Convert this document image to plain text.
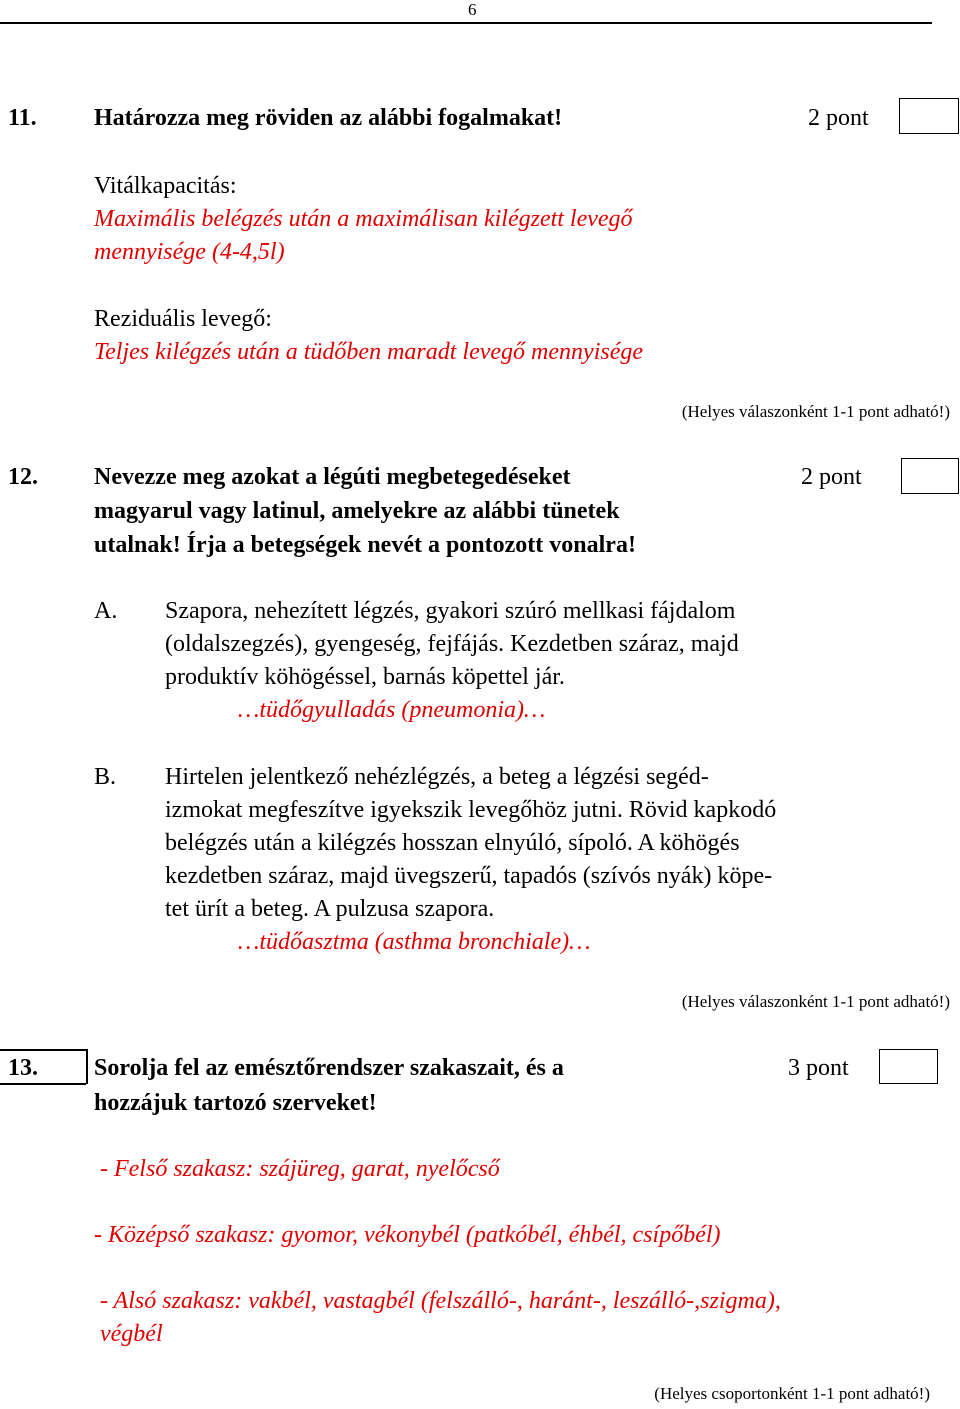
6
11. Határozza meg röviden az alábbi fogalmakat!	2 pont
Vitálkapacitás:
Maximális belégzés után a maximálisan kilégzett levegő
mennyisége (4-4,5l)
Reziduális levegő:
Teljes kilégzés után a tüdőben maradt levegő mennyisége
(Helyes válaszonként 1-1 pont adható!)
12. Nevezze meg azokat a légúti megbetegedéseket
magyarul vagy latinul, amelyekre az alábbi tünetek
utalnak! Írja a betegségek nevét a pontozott vonalra!
2 pont
A. Szapora, nehezített légzés, gyakori szúró mellkasi fájdalom
(oldalszegzés), gyengeség, fejfájás. Kezdetben száraz, majd
produktív köhögéssel, barnás köpettel jár.
…tüdőgyulladás (pneumonia)…
B. Hirtelen jelentkező nehézlégzés, a beteg a légzési segéd-
izmokat megfeszítve igyekszik levegőhöz jutni. Rövid kapkodó
belégzés után a kilégzés hosszan elnyúló, sípoló. A köhögés
kezdetben száraz, majd üvegszerű, tapadós (szívós nyák) köpe-
tet ürít a beteg. A pulzusa szapora.
…tüdőasztma (asthma bronchiale)…
(Helyes válaszonként 1-1 pont adható!)
13. Sorolja fel az emésztőrendszer szakaszait, és a
hozzájuk tartozó szerveket!
3 pont
- Felső szakasz: szájüreg, garat, nyelőcső
- Középső szakasz: gyomor, vékonybél (patkóbél, éhbél, csípőbél)
- Alsó szakasz: vakbél, vastagbél (felszálló-, haránt-, leszálló-,szigma),
végbél
(Helyes csoportonként 1-1 pont adható!)
